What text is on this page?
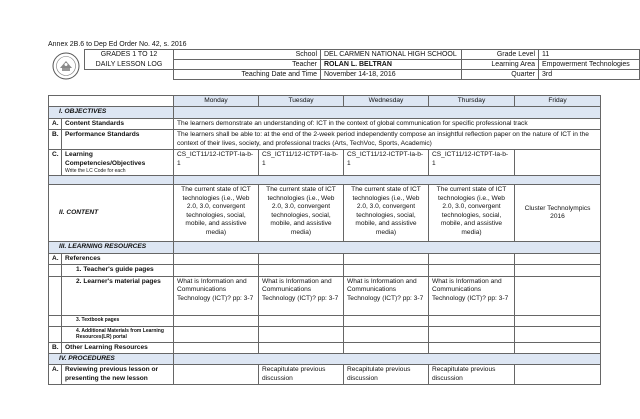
Annex 2B.6 to Dep Ed Order No. 42, s. 2016
GRADES 1 TO 12	School	DEL CARMEN NATIONAL HIGH SCHOOL	Grade Level	11
DAILY LESSON LOG	Teacher	ROLAN L. BELTRAN	Learning Area	Empowerment Technologies
	Teaching Date and Time	November 14-18, 2016	Quarter	3rd
		Monday	Tuesday	Wednesday	Thursday	Friday
I. OBJECTIVES						
A.	Content Standards	The learners demonstrate an understanding of: ICT in the context of global communication for specific professional track				
B.	Performance Standards	The learners shall be able to: at the end of the 2-week period independently compose an insightful reflection paper on the nature of ICT in the context of their lives, society, and professional tracks (Arts, TechVoc, Sports, Academic)				
C.	Learning Competencies/Objectives
Write the LC Code for each	CS_ICT11/12-ICTPT-Ia-b-1	CS_ICT11/12-ICTPT-Ia-b-1	CS_ICT11/12-ICTPT-Ia-b-1	CS_ICT11/12-ICTPT-Ia-b-1	

II. CONTENT		The current state of ICT technologies (i.e., Web 2.0, 3.0, convergent technologies, social, mobile, and assistive media)	The current state of ICT technologies (i.e., Web 2.0, 3.0, convergent technologies, social, mobile, and assistive media)	The current state of ICT technologies (i.e., Web 2.0, 3.0, convergent technologies, social, mobile, and assistive media)	The current state of ICT technologies (i.e., Web 2.0, 3.0, convergent technologies, social, mobile, and assistive media)	Cluster Technolympics 2016
III. LEARNING RESOURCES						
A.	References					
	1. Teacher's guide pages					
	2. Learner's material pages	What is Information and Communications Technology (ICT)? pp: 3-7	What is Information and Communications Technology (ICT)? pp: 3-7	What is Information and Communications Technology (ICT)? pp: 3-7	What is Information and Communications Technology (ICT)? pp: 3-7	
	3. Textbook pages					
	4. Additional Materials from Learning Resources(LR) portal					
B.	Other Learning Resources					
IV. PROCEDURES						
A.	Reviewing previous lesson or presenting the new lesson		Recapitulate previous discussion	Recapitulate previous discussion	Recapitulate previous discussion	
